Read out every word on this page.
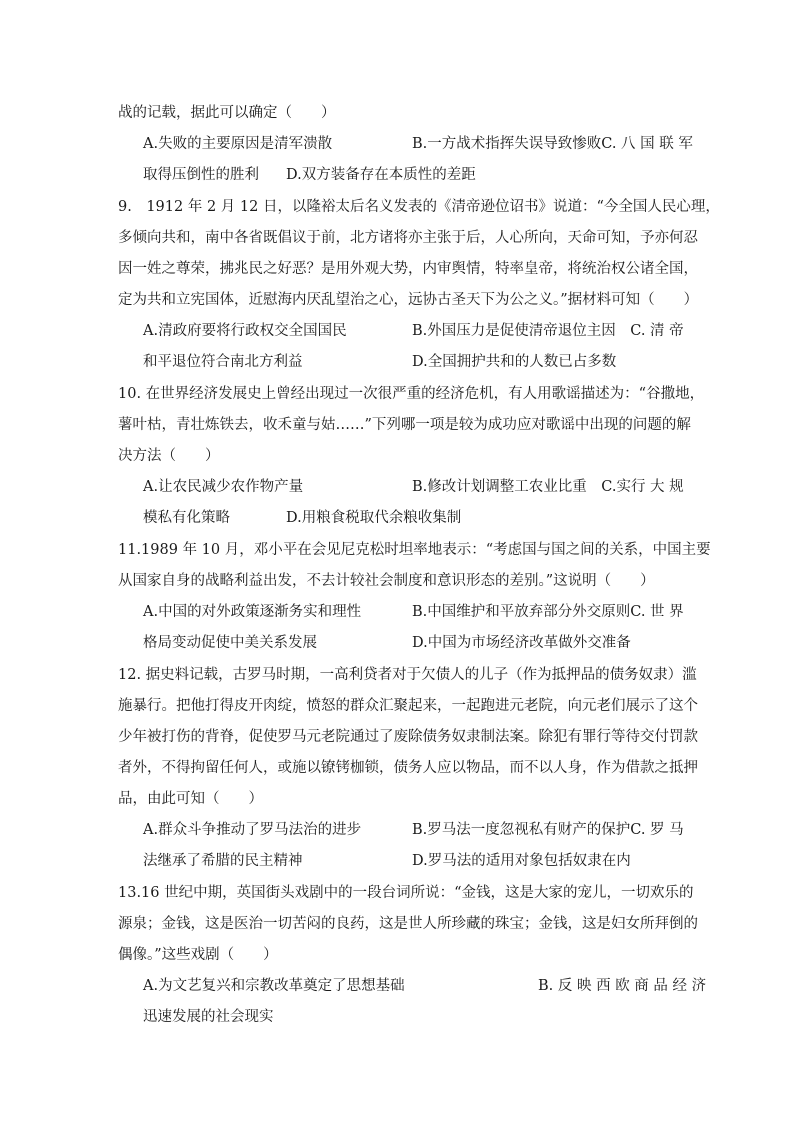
战的记载，据此可以确定（　　）
A.失败的主要原因是清军溃散	B.一方战术指挥失误导致惨败C. 八 国 联 军
取得压倒性的胜利 D.双方装备存在本质性的差距
9.　1912 年 2 月 12 日，以隆裕太后名义发表的《清帝逊位诏书》说道：“今全国人民心理，
多倾向共和，南中各省既倡议于前，北方诸将亦主张于后，人心所向，天命可知，予亦何忍
因一姓之尊荣，拂兆民之好恶？是用外观大势，内审舆情，特率皇帝，将统治权公诸全国，
定为共和立宪国体，近慰海内厌乱望治之心，远协古圣天下为公之义。”据材料可知（　　）
A.清政府要将行政权交全国国民	B.外国压力是促使清帝退位主因　C. 清 帝
和平退位符合南北方利益	D.全国拥护共和的人数已占多数
10. 在世界经济发展史上曾经出现过一次很严重的经济危机，有人用歌谣描述为：“谷撒地，
薯叶枯，青壮炼铁去，收禾童与姑……”下列哪一项是较为成功应对歌谣中出现的问题的解
决方法（　　）
A.让农民减少农作物产量	B.修改计划调整工农业比重　C.实行 大 规
模私有化策略	D.用粮食税取代余粮收集制
11.1989 年 10 月，邓小平在会见尼克松时坦率地表示：“考虑国与国之间的关系，中国主要
从国家自身的战略利益出发，不去计较社会制度和意识形态的差别。”这说明（　　）
A.中国的对外政策逐渐务实和理性	B.中国维护和平放弃部分外交原则C. 世 界
格局变动促使中美关系发展	D.中国为市场经济改革做外交准备
12. 据史料记载，古罗马时期，一高利贷者对于欠债人的儿子（作为抵押品的债务奴隶）滥
施暴行。把他打得皮开肉绽，愤怒的群众汇聚起来，一起跑进元老院，向元老们展示了这个
少年被打伤的背脊，促使罗马元老院通过了废除债务奴隶制法案。除犯有罪行等待交付罚款
者外，不得拘留任何人，或施以镣铐枷锁，债务人应以物品，而不以人身，作为借款之抵押
品，由此可知（　　）
A.群众斗争推动了罗马法治的进步	B.罗马法一度忽视私有财产的保护C. 罗 马
法继承了希腊的民主精神	D.罗马法的适用对象包括奴隶在内
13.16 世纪中期，英国街头戏剧中的一段台词所说：“金钱，这是大家的宠儿，一切欢乐的
源泉；金钱，这是医治一切苦闷的良药，这是世人所珍藏的珠宝；金钱，这是妇女所拜倒的
偶像。”这些戏剧（　　）
A.为文艺复兴和宗教改革奠定了思想基础	B. 反 映 西 欧 商 品 经 济
迅速发展的社会现实
